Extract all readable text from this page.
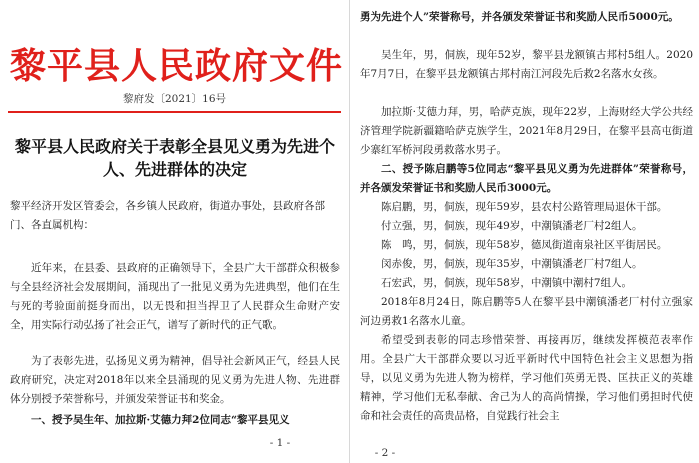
黎平县人民政府文件
黎府发〔2021〕16号
黎平县人民政府关于表彰全县见义勇为先进个人、先进群体的决定
黎平经济开发区管委会，各乡镇人民政府，街道办事处，县政府各部门、各直属机构：
近年来，在县委、县政府的正确领导下，全县广大干部群众积极参与全县经济社会发展期间，涌现出了一批见义勇为先进典型，他们在生与死的考验面前挺身而出，以无畏和担当捍卫了人民群众生命财产安全，用实际行动弘扬了社会正气，谱写了新时代的正气歌。
为了表彰先进，弘扬见义勇为精神，倡导社会新风正气，经县人民政府研究，决定对2018年以来全县涌现的见义勇为先进人物、先进群体分别授予荣誉称号，并颁发荣誉证书和奖金。
一、授予吴生年、加拉斯·艾德力拜2位同志“黎平县见义
- 1 -
勇为先进个人”荣誉称号，并各颁发荣誉证书和奖励人民币5000元。
吴生年，男，侗族，现年52岁，黎平县龙额镇古邦村5组人。2020年7月7日，在黎平县龙额镇古邦村南江河段先后救2名落水女孩。
加拉斯·艾德力拜，男，哈萨克族，现年22岁，上海财经大学公共经济管理学院新疆籍哈萨克族学生，2021年8月29日，在黎平县高屯街道少寨红军桥河段勇救落水男子。
二、授予陈启鹏等5位同志“黎平县见义勇为先进群体”荣誉称号，并各颁发荣誉证书和奖励人民币3000元。
陈启鹏，男，侗族，现年59岁，县农村公路管理局退休干部。
付立强，男，侗族，现年49岁，中潮镇潘老厂村2组人。
陈　鸣，男，侗族，现年58岁，德凤街道南泉社区平街居民。
闵赤俊，男，侗族，现年35岁，中潮镇潘老厂村7组人。
石宏武，男，侗族，现年58岁，中潮镇中潮村7组人。
2018年8月24日，陈启鹏等5人在黎平县中潮镇潘老厂村付立强家河边勇救1名落水儿童。
希望受到表彰的同志珍惜荣誉、再接再厉，继续发挥模范表率作用。全县广大干部群众要以习近平新时代中国特色社会主义思想为指导，以见义勇为先进人物为榜样，学习他们英勇无畏、匡扶正义的英雄精神，学习他们无私奉献、舍己为人的高尚情操，学习他们勇担时代使命和社会责任的高贵品格，自觉践行社会主
- 2 -
